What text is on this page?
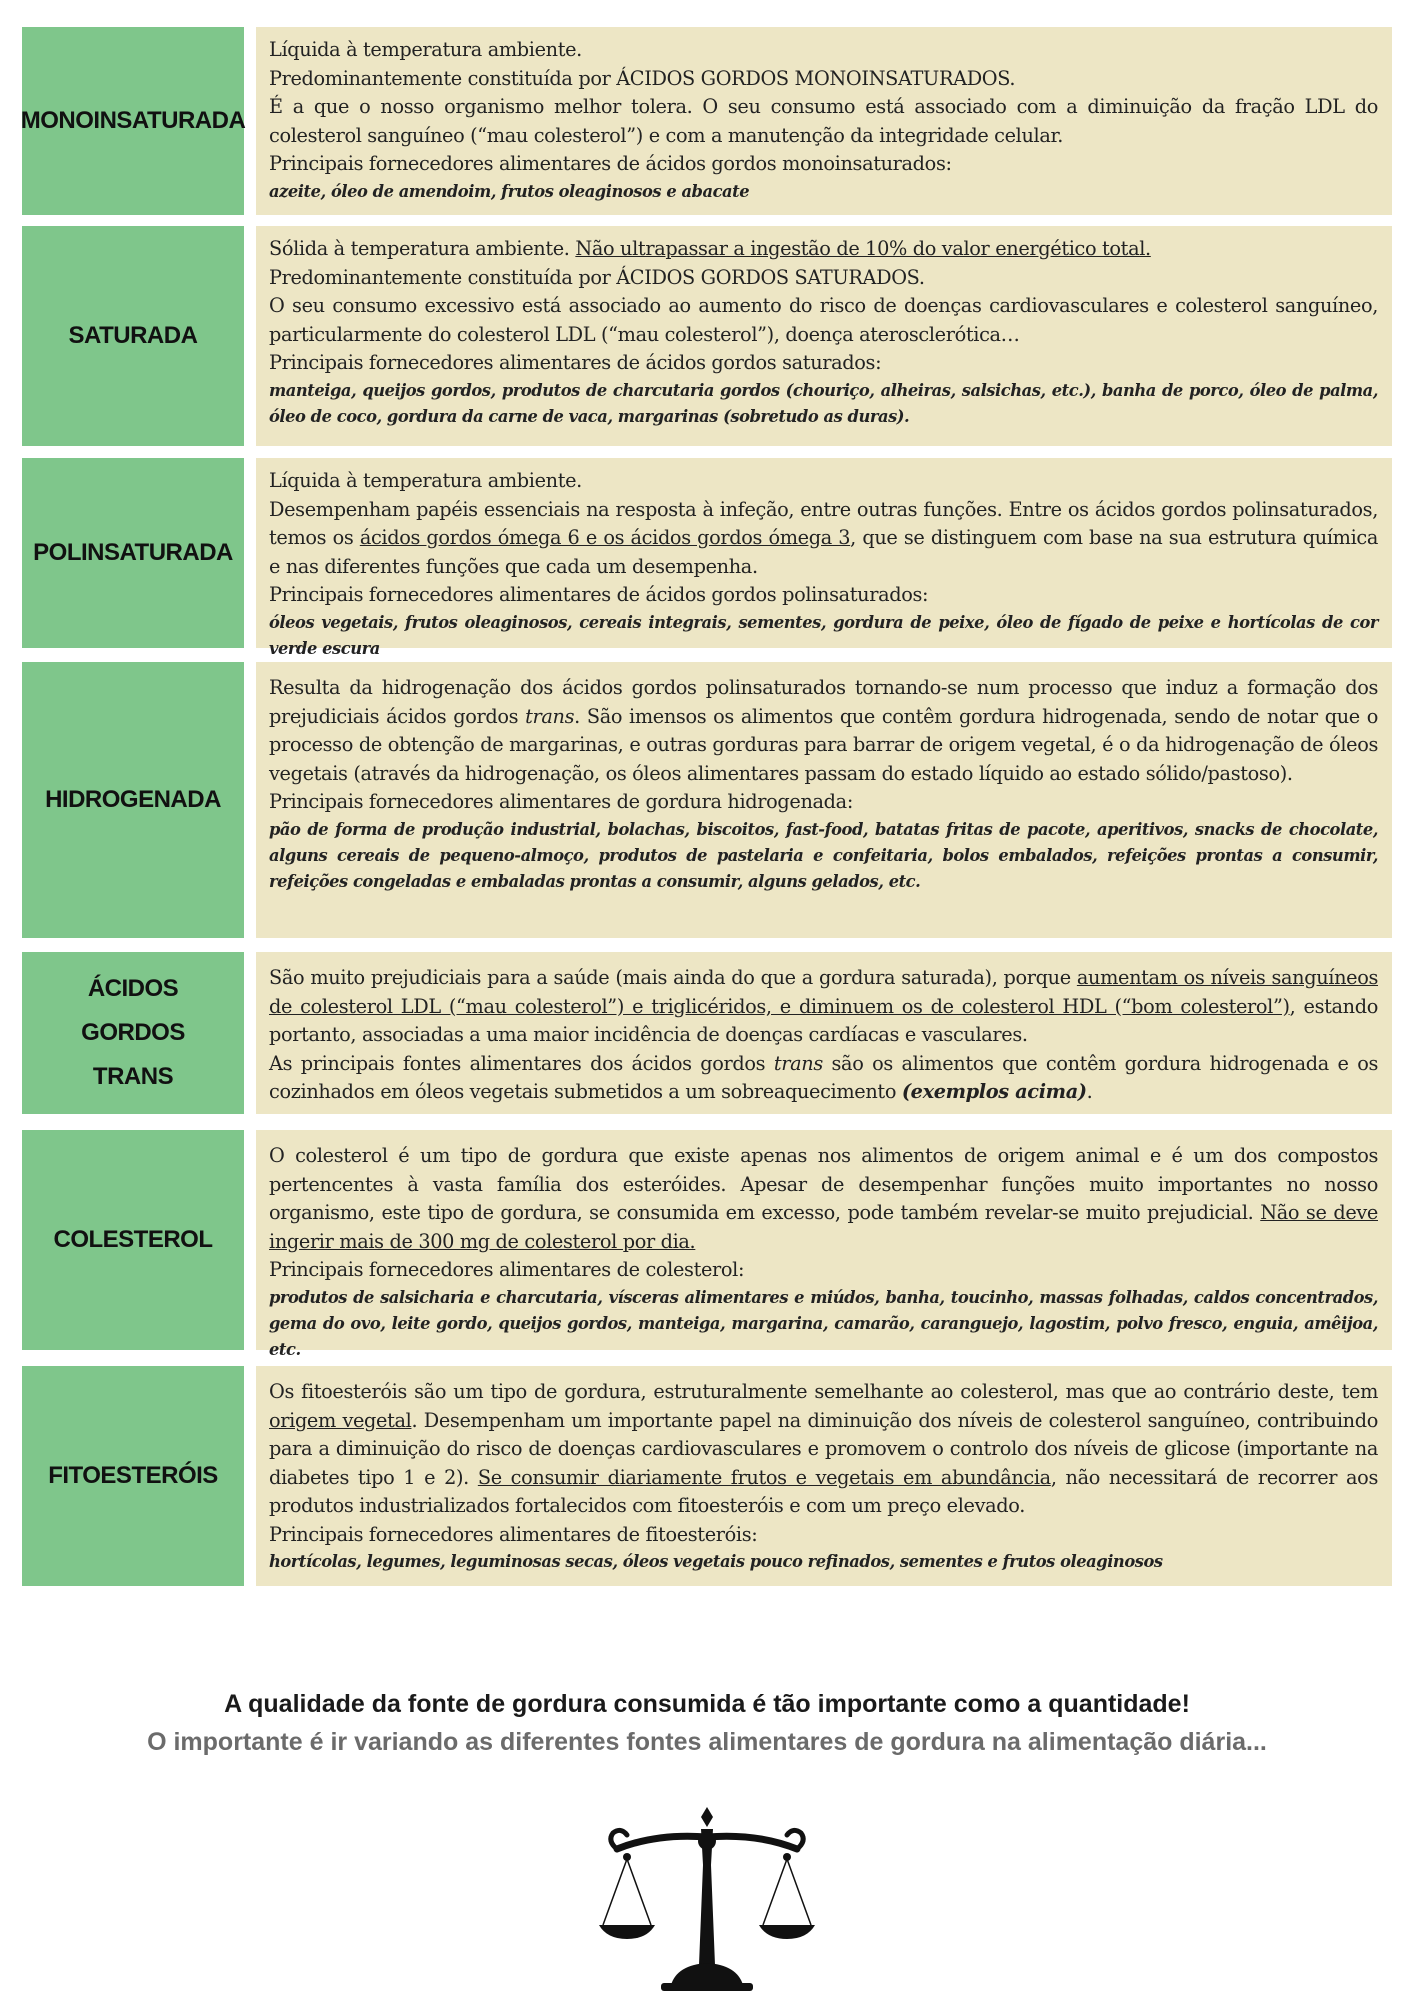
MONOINSATURADA

Líquida à temperatura ambiente.

Predominantemente constituída por ÁCIDOS GORDOS MONOINSATURADOS.

É a que o nosso organismo melhor tolera. O seu consumo está associado com a diminuição da fração LDL do colesterol sanguíneo (“mau colesterol”) e com a manutenção da integridade celular.

Principais fornecedores alimentares de ácidos gordos monoinsaturados:

azeite, óleo de amendoim, frutos oleaginosos e abacate

SATURADA

Sólida à temperatura ambiente. Não ultrapassar a ingestão de 10% do valor energético total.

Predominantemente constituída por ÁCIDOS GORDOS SATURADOS.

O seu consumo excessivo está associado ao aumento do risco de doenças cardiovasculares e colesterol sanguíneo, particularmente do colesterol LDL (“mau colesterol”), doença aterosclerótica…

Principais fornecedores alimentares de ácidos gordos saturados:

manteiga, queijos gordos, produtos de charcutaria gordos (chouriço, alheiras, salsichas, etc.), banha de porco, óleo de palma, óleo de coco, gordura da carne de vaca, margarinas (sobretudo as duras).

POLINSATURADA

Líquida à temperatura ambiente.

Desempenham papéis essenciais na resposta à infeção, entre outras funções. Entre os ácidos gordos polinsaturados, temos os ácidos gordos ómega 6 e os ácidos gordos ómega 3, que se distinguem com base na sua estrutura química e nas diferentes funções que cada um desempenha.

Principais fornecedores alimentares de ácidos gordos polinsaturados:

óleos vegetais, frutos oleaginosos, cereais integrais, sementes, gordura de peixe, óleo de fígado de peixe e hortícolas de cor verde escura

HIDROGENADA

Resulta da hidrogenação dos ácidos gordos polinsaturados tornando-se num processo que induz a formação dos prejudiciais ácidos gordos trans. São imensos os alimentos que contêm gordura hidrogenada, sendo de notar que o processo de obtenção de margarinas, e outras gorduras para barrar de origem vegetal, é o da hidrogenação de óleos vegetais (através da hidrogenação, os óleos alimentares passam do estado líquido ao estado sólido/pastoso).

Principais fornecedores alimentares de gordura hidrogenada:

pão de forma de produção industrial, bolachas, biscoitos, fast-food, batatas fritas de pacote, aperitivos, snacks de chocolate, alguns cereais de pequeno-almoço, produtos de pastelaria e confeitaria, bolos embalados, refeições prontas a consumir, refeições congeladas e embaladas prontas a consumir, alguns gelados, etc.

ÁCIDOS GORDOS TRANS

São muito prejudiciais para a saúde (mais ainda do que a gordura saturada), porque aumentam os níveis sanguíneos de colesterol LDL (“mau colesterol”) e triglicéridos, e diminuem os de colesterol HDL (“bom colesterol”), estando portanto, associadas a uma maior incidência de doenças cardíacas e vasculares.

As principais fontes alimentares dos ácidos gordos trans são os alimentos que contêm gordura hidrogenada e os cozinhados em óleos vegetais submetidos a um sobreaquecimento (exemplos acima).

COLESTEROL

O colesterol é um tipo de gordura que existe apenas nos alimentos de origem animal e é um dos compostos pertencentes à vasta família dos esteróides. Apesar de desempenhar funções muito importantes no nosso organismo, este tipo de gordura, se consumida em excesso, pode também revelar-se muito prejudicial. Não se deve ingerir mais de 300 mg de colesterol por dia.

Principais fornecedores alimentares de colesterol:

produtos de salsicharia e charcutaria, vísceras alimentares e miúdos, banha, toucinho, massas folhadas, caldos concentrados, gema do ovo, leite gordo, queijos gordos, manteiga, margarina, camarão, caranguejo, lagostim, polvo fresco, enguia, amêijoa, etc.

FITOESTERÓIS

Os fitoesteróis são um tipo de gordura, estruturalmente semelhante ao colesterol, mas que ao contrário deste, tem origem vegetal. Desempenham um importante papel na diminuição dos níveis de colesterol sanguíneo, contribuindo para a diminuição do risco de doenças cardiovasculares e promovem o controlo dos níveis de glicose (importante na diabetes tipo 1 e 2). Se consumir diariamente frutos e vegetais em abundância, não necessitará de recorrer aos produtos industrializados fortalecidos com fitoesteróis e com um preço elevado.

Principais fornecedores alimentares de fitoesteróis:

hortícolas, legumes, leguminosas secas, óleos vegetais pouco refinados, sementes e frutos oleaginosos

A qualidade da fonte de gordura consumida é tão importante como a quantidade!
O importante é ir variando as diferentes fontes alimentares de gordura na alimentação diária...
